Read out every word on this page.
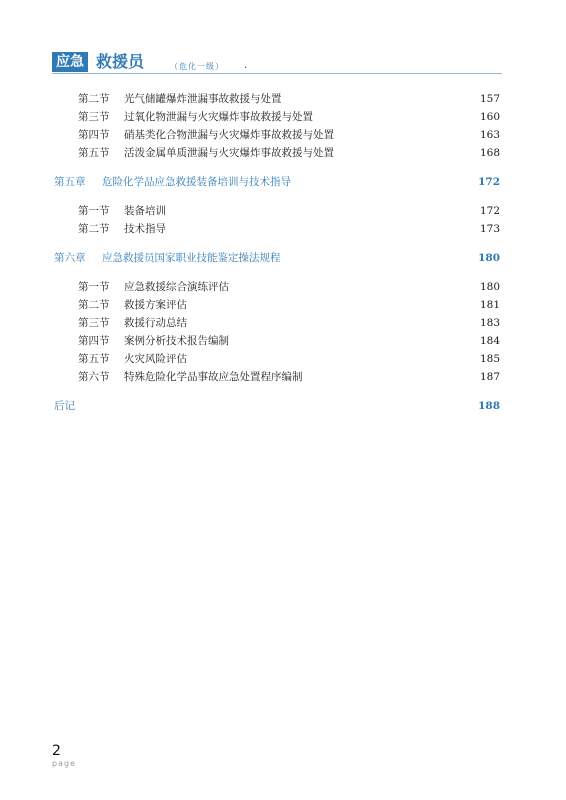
应急 救援员	（危化一级） .
第二节 光气储罐爆炸泄漏事故救援与处置	157
第三节 过氧化物泄漏与火灾爆炸事故救援与处置	160
第四节 硝基类化合物泄漏与火灾爆炸事故救援与处置	163
第五节 活泼金属单质泄漏与火灾爆炸事故救援与处置	168
第五章 危险化学品应急救援装备培训与技术指导	172
第一节 装备培训	172
第二节 技术指导	173
第六章 应急救援员国家职业技能鉴定操法规程	180
第一节 应急救援综合演练评估	180
第二节 救援方案评估	181
第三节 救援行动总结	183
第四节 案例分析技术报告编制	184
第五节 火灾风险评估	185
第六节 特殊危险化学品事故应急处置程序编制	187
后记	188
2
page
